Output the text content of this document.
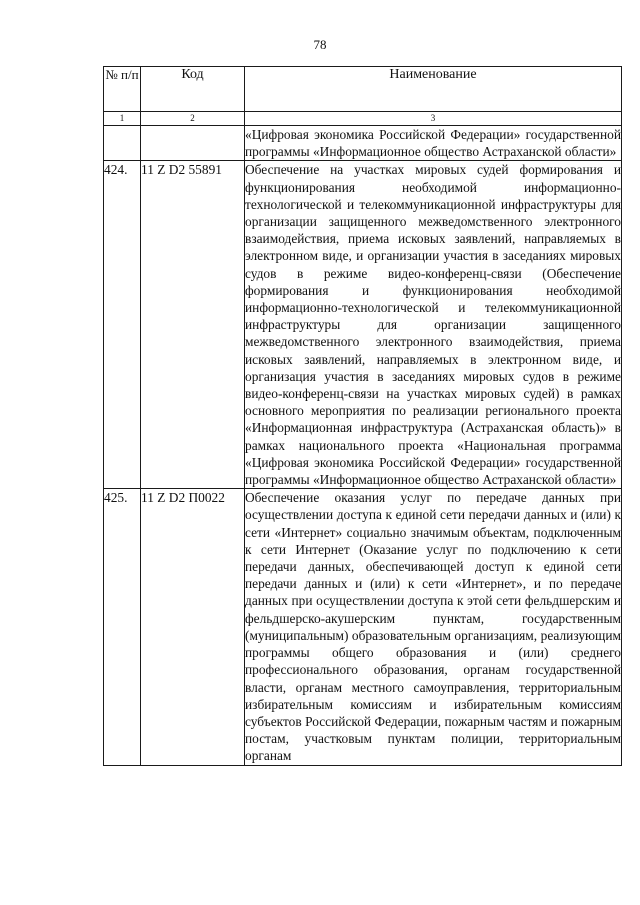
78
№ п/п	Код	Наименование
1	2	3
		«Цифровая экономика Российской Федерации» государственной программы «Информационное общество Астраханской области»
424.	11 Z D2 55891	Обеспечение на участках мировых судей формирования и функционирования необходимой информационно-технологической и телекоммуникационной инфраструктуры для организации защищенного межведомственного электронного взаимодействия, приема исковых заявлений, направляемых в электронном виде, и организации участия в заседаниях мировых судов в режиме видео-конференц-связи (Обеспечение формирования и функционирования необходимой информационно-технологической и телекоммуникационной инфраструктуры для организации защищенного межведомственного электронного взаимодействия, приема исковых заявлений, направляемых в электронном виде, и организация участия в заседаниях мировых судов в режиме видео-конференц-связи на участках мировых судей) в рамках основного мероприятия по реализации регионального проекта «Информационная инфраструктура (Астраханская область)» в рамках национального проекта «Национальная программа «Цифровая экономика Российской Федерации» государственной программы «Информационное общество Астраханской области»
425.	11 Z D2 П0022	Обеспечение оказания услуг по передаче данных при осуществлении доступа к единой сети передачи данных и (или) к сети «Интернет» социально значимым объектам, подключенным к сети Интернет (Оказание услуг по подключению к сети передачи данных, обеспечивающей доступ к единой сети передачи данных и (или) к сети «Интернет», и по передаче данных при осуществлении доступа к этой сети фельдшерским и фельдшерско-акушерским пунктам, государственным (муниципальным) образовательным организациям, реализующим программы общего образования и (или) среднего профессионального образования, органам государственной власти, органам местного самоуправления, территориальным избирательным комиссиям и избирательным комиссиям субъектов Российской Федерации, пожарным частям и пожарным постам, участковым пунктам полиции, территориальным органам
